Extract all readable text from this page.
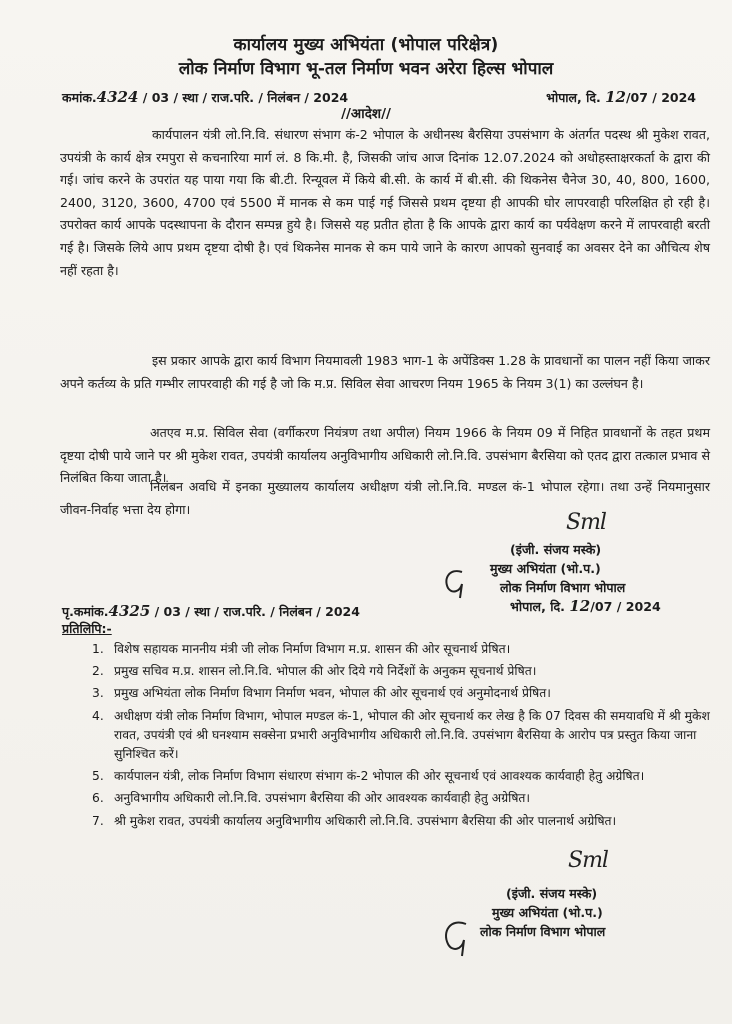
कार्यालय मुख्य अभियंता (भोपाल परिक्षेत्र)
लोक निर्माण विभाग भू-तल निर्माण भवन अरेरा हिल्स भोपाल
कमांक.4324 / 03 / स्था / राज.परि. / निलंबन / 2024	भोपाल, दि. 12/07 / 2024
//आदेश//
कार्यपालन यंत्री लो.नि.वि. संधारण संभाग कं-2 भोपाल के अधीनस्थ बैरसिया उपसंभाग के अंतर्गत पदस्थ श्री मुकेश रावत, उपयंत्री के कार्य क्षेत्र रमपुरा से कचनारिया मार्ग लं. 8 कि.मी. है, जिसकी जांच आज दिनांक 12.07.2024 को अधोहस्ताक्षरकर्ता के द्वारा की गई। जांच करने के उपरांत यह पाया गया कि बी.टी. रिन्यूवल में किये बी.सी. के कार्य में बी.सी. की थिकनेस चैनेज 30, 40, 800, 1600, 2400, 3120, 3600, 4700 एवं 5500 में मानक से कम पाई गई जिससे प्रथम दृष्टया ही आपकी घोर लापरवाही परिलक्षित हो रही है। उपरोक्त कार्य आपके पदस्थापना के दौरान सम्पन्न हुये है। जिससे यह प्रतीत होता है कि आपके द्वारा कार्य का पर्यवेक्षण करने में लापरवाही बरती गई है। जिसके लिये आप प्रथम दृष्टया दोषी है। एवं थिकनेस मानक से कम पाये जाने के कारण आपको सुनवाई का अवसर देने का औचित्य शेष नहीं रहता है।
इस प्रकार आपके द्वारा कार्य विभाग नियमावली 1983 भाग-1 के अपेंडिक्स 1.28 के प्रावधानों का पालन नहीं किया जाकर अपने कर्तव्य के प्रति गम्भीर लापरवाही की गई है जो कि म.प्र. सिविल सेवा आचरण नियम 1965 के नियम 3(1) का उल्लंघन है।
अतएव म.प्र. सिविल सेवा (वर्गीकरण नियंत्रण तथा अपील) नियम 1966 के नियम 09 में निहित प्रावधानों के तहत प्रथम दृष्टया दोषी पाये जाने पर श्री मुकेश रावत, उपयंत्री कार्यालय अनुविभागीय अधिकारी लो.नि.वि. उपसंभाग बैरसिया को एतद द्वारा तत्काल प्रभाव से निलंबित किया जाता है।
निलंबन अवधि में इनका मुख्यालय कार्यालय अधीक्षण यंत्री लो.नि.वि. मण्डल कं-1 भोपाल रहेगा। तथा उन्हें नियमानुसार जीवन-निर्वाह भत्ता देय होगा।
Sml
(इंजी. संजय मस्के)
मुख्य अभियंता (भो.प.)
लोक निर्माण विभाग भोपाल
भोपाल, दि. 12/07 / 2024
पृ.कमांक.4325 / 03 / स्था / राज.परि. / निलंबन / 2024
प्रतिलिपि:-
1. विशेष सहायक माननीय मंत्री जी लोक निर्माण विभाग म.प्र. शासन की ओर सूचनार्थ प्रेषित।
2. प्रमुख सचिव म.प्र. शासन लो.नि.वि. भोपाल की ओर दिये गये निर्देशों के अनुकम सूचनार्थ प्रेषित।
3. प्रमुख अभियंता लोक निर्माण विभाग निर्माण भवन, भोपाल की ओर सूचनार्थ एवं अनुमोदनार्थ प्रेषित।
4. अधीक्षण यंत्री लोक निर्माण विभाग, भोपाल मण्डल कं-1, भोपाल की ओर सूचनार्थ कर लेख है कि 07 दिवस की समयावधि में श्री मुकेश रावत, उपयंत्री एवं श्री घनश्याम सक्सेना प्रभारी अनुविभागीय अधिकारी लो.नि.वि. उपसंभाग बैरसिया के आरोप पत्र प्रस्तुत किया जाना सुनिश्चित करें।
5. कार्यपालन यंत्री, लोक निर्माण विभाग संधारण संभाग कं-2 भोपाल की ओर सूचनार्थ एवं आवश्यक कार्यवाही हेतु अग्रेषित।
6. अनुविभागीय अधिकारी लो.नि.वि. उपसंभाग बैरसिया की ओर आवश्यक कार्यवाही हेतु अग्रेषित।
7. श्री मुकेश रावत, उपयंत्री कार्यालय अनुविभागीय अधिकारी लो.नि.वि. उपसंभाग बैरसिया की ओर पालनार्थ अग्रेषित।
Sml
(इंजी. संजय मस्के)
मुख्य अभियंता (भो.प.)
लोक निर्माण विभाग भोपाल
